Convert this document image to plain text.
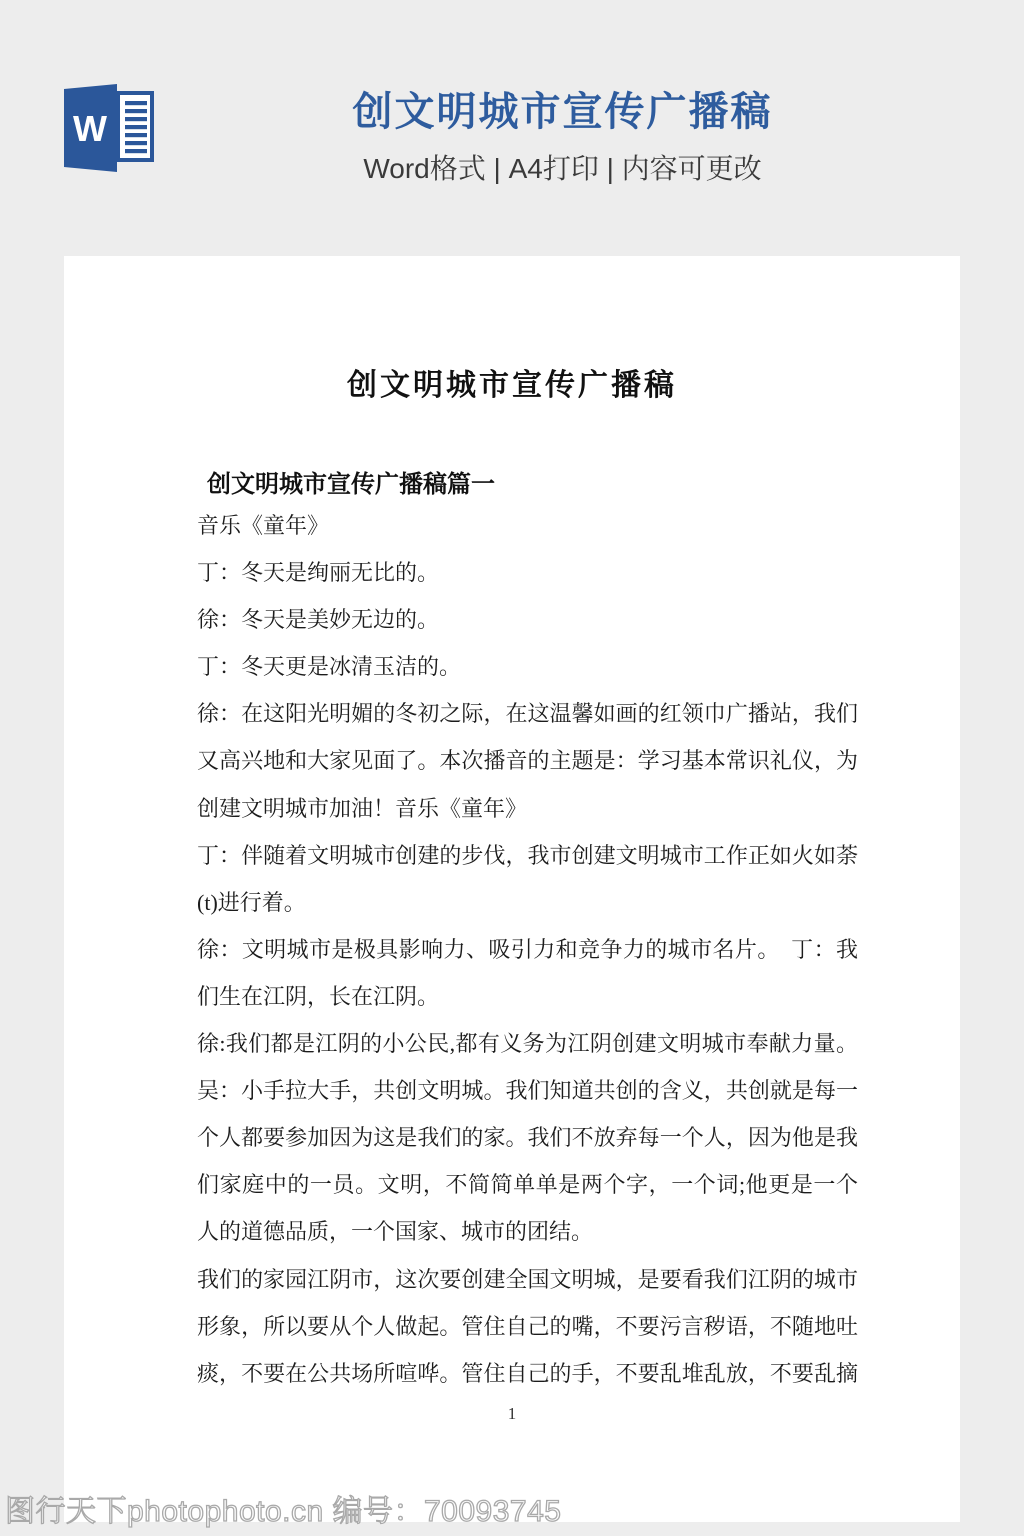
W	创文明城市宣传广播稿
Word格式 | A4打印 | 内容可更改
创文明城市宣传广播稿
创文明城市宣传广播稿篇一
音乐《童年》
丁：冬天是绚丽无比的。
徐：冬天是美妙无边的。
丁：冬天更是冰清玉洁的。
徐：在这阳光明媚的冬初之际，在这温馨如画的红领巾广播站，我们
又高兴地和大家见面了。本次播音的主题是：学习基本常识礼仪，为
创建文明城市加油！音乐《童年》
丁：伴随着文明城市创建的步伐，我市创建文明城市工作正如火如荼
(t)进行着。
徐：文明城市是极具影响力、吸引力和竞争力的城市名片。　丁：我
们生在江阴，长在江阴。
徐:我们都是江阴的小公民,都有义务为江阴创建文明城市奉献力量。
吴：小手拉大手，共创文明城。我们知道共创的含义，共创就是每一
个人都要参加因为这是我们的家。我们不放弃每一个人，因为他是我
们家庭中的一员。文明，不简简单单是两个字，一个词;他更是一个
人的道德品质，一个国家、城市的团结。
我们的家园江阴市，这次要创建全国文明城，是要看我们江阴的城市
形象，所以要从个人做起。管住自己的嘴，不要污言秽语，不随地吐
痰，不要在公共场所喧哗。管住自己的手，不要乱堆乱放，不要乱摘
1
图行天下photophoto.cn 编号：70093745
